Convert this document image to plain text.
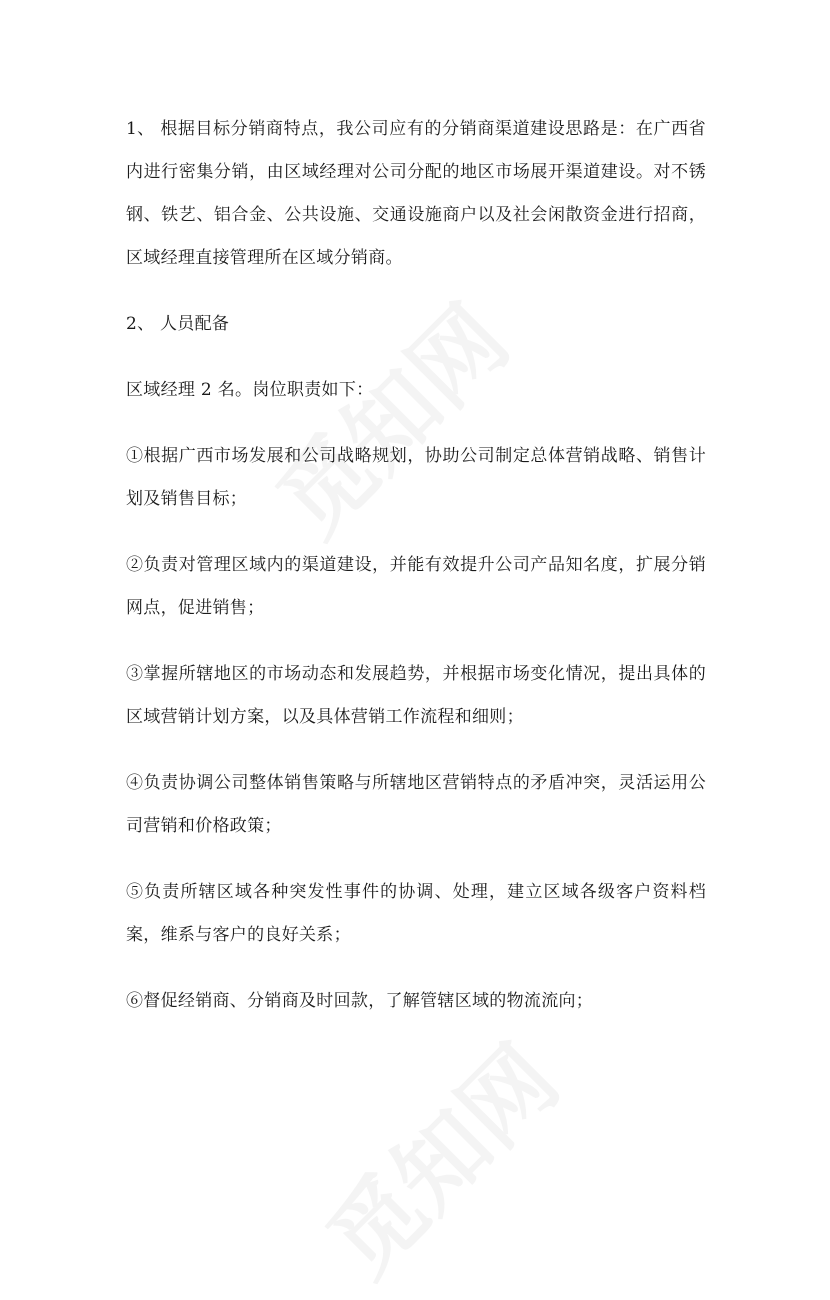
1、 根据目标分销商特点，我公司应有的分销商渠道建设思路是：在广西省内进行密集分销，由区域经理对公司分配的地区市场展开渠道建设。对不锈钢、铁艺、铝合金、公共设施、交通设施商户以及社会闲散资金进行招商，区域经理直接管理所在区域分销商。

2、 人员配备

区域经理 2 名。岗位职责如下：

①根据广西市场发展和公司战略规划，协助公司制定总体营销战略、销售计划及销售目标；

②负责对管理区域内的渠道建设，并能有效提升公司产品知名度，扩展分销网点，促进销售；

③掌握所辖地区的市场动态和发展趋势，并根据市场变化情况，提出具体的区域营销计划方案，以及具体营销工作流程和细则；

④负责协调公司整体销售策略与所辖地区营销特点的矛盾冲突，灵活运用公司营销和价格政策；

⑤负责所辖区域各种突发性事件的协调、处理，建立区域各级客户资料档案，维系与客户的良好关系；

⑥督促经销商、分销商及时回款，了解管辖区域的物流流向；
